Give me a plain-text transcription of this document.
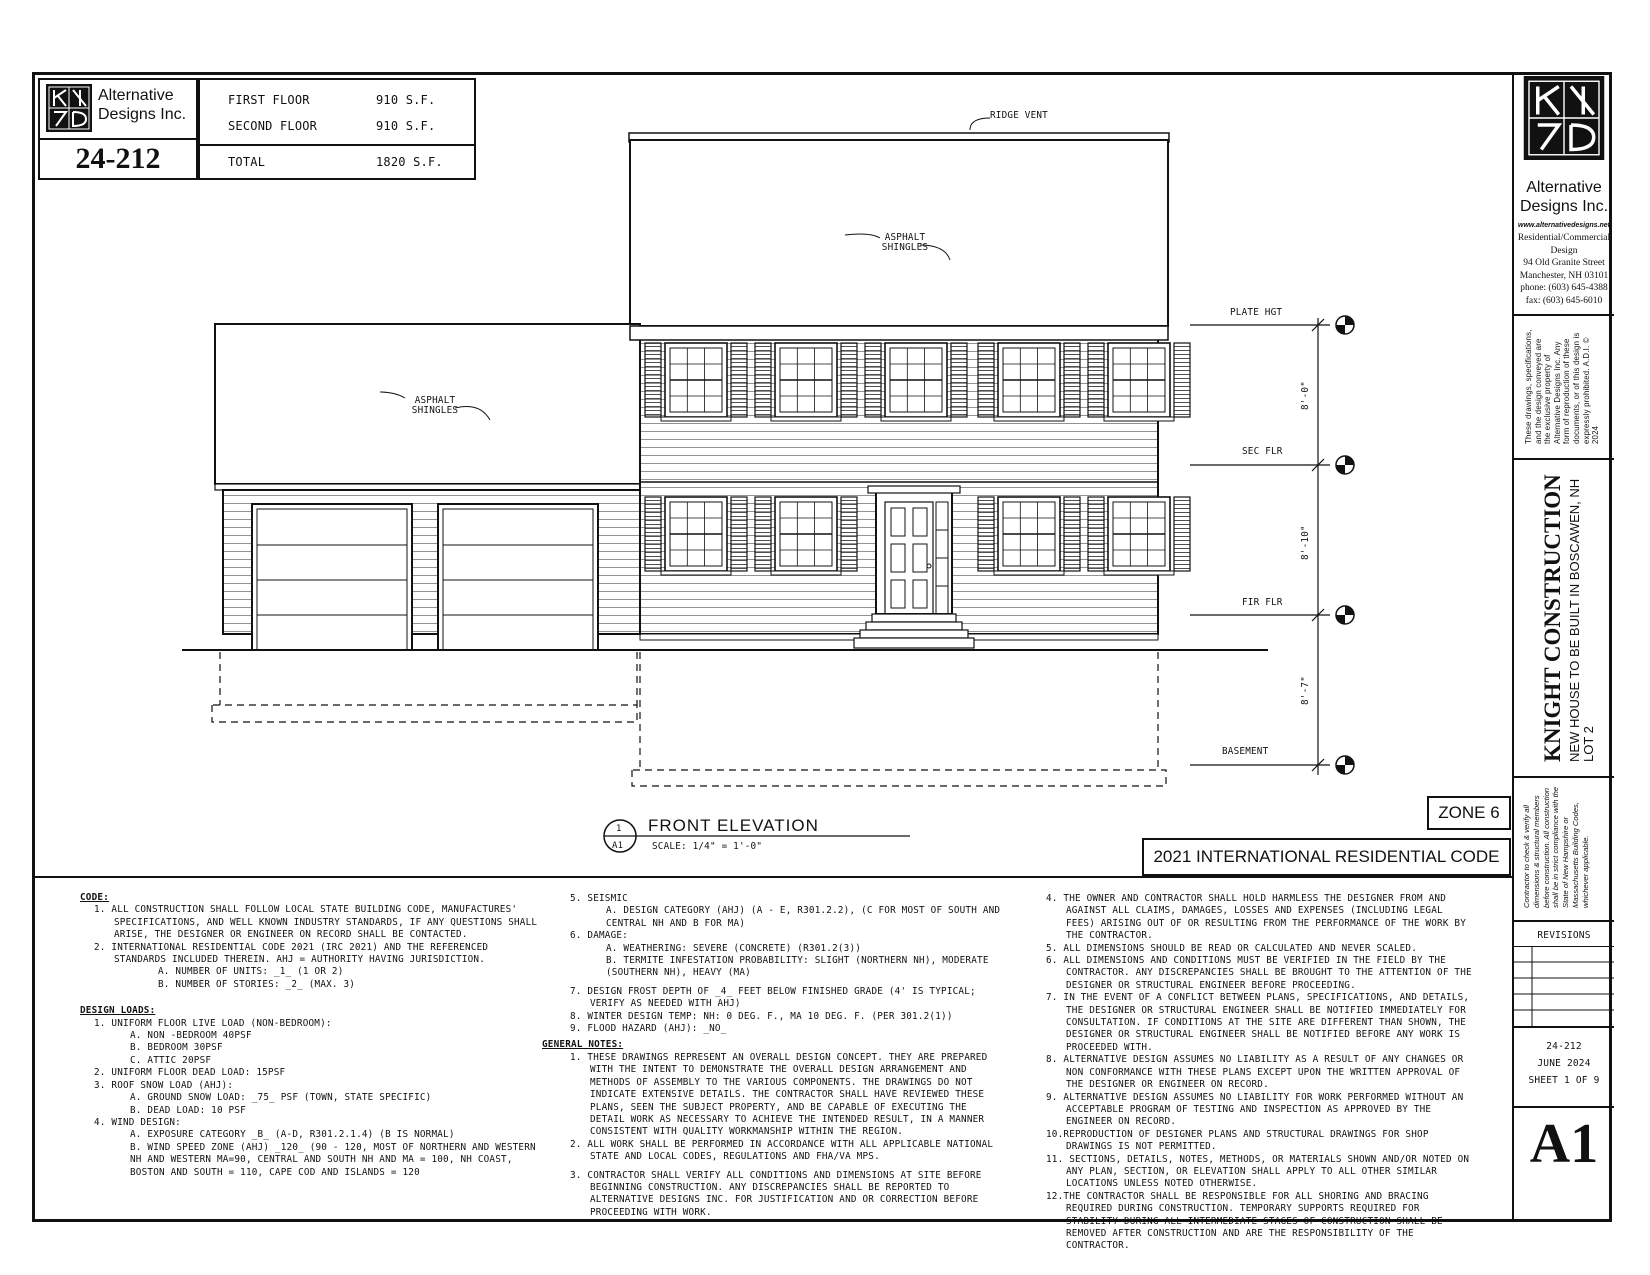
Alternative
Designs Inc.
24-212
FIRST FLOOR	910 S.F.
SECOND FLOOR	910 S.F.
TOTAL	1820 S.F.
RIDGE VENT
ASPHALT SHINGLES
ASPHALT SHINGLES
PLATE HGT
SEC FLR
FIR FLR
BASEMENT
8'-0"
8'-10"
8'-7"
1
A1
FRONT ELEVATION
SCALE: 1/4" = 1'-0"
ZONE 6
2021 INTERNATIONAL RESIDENTIAL CODE

CODE:

1. ALL CONSTRUCTION SHALL FOLLOW LOCAL STATE BUILDING CODE, MANUFACTURES' SPECIFICATIONS, AND WELL KNOWN INDUSTRY STANDARDS, IF ANY QUESTIONS SHALL ARISE, THE DESIGNER OR ENGINEER ON RECORD SHALL BE CONTACTED.

2. INTERNATIONAL RESIDENTIAL CODE 2021 (IRC 2021) AND THE REFERENCED STANDARDS INCLUDED THEREIN. AHJ = AUTHORITY HAVING JURISDICTION.

A. NUMBER OF UNITS: _1_ (1 OR 2)

B. NUMBER OF STORIES: _2_ (MAX. 3)

DESIGN LOADS:

1. UNIFORM FLOOR LIVE LOAD (NON-BEDROOM):

A. NON -BEDROOM 40PSF

B. BEDROOM 30PSF

C. ATTIC 20PSF

2. UNIFORM FLOOR DEAD LOAD: 15PSF

3. ROOF SNOW LOAD (AHJ):

A. GROUND SNOW LOAD: _75_ PSF (TOWN, STATE SPECIFIC)

B. DEAD LOAD: 10 PSF

4. WIND DESIGN:

A. EXPOSURE CATEGORY _B_ (A-D, R301.2.1.4) (B IS NORMAL)

B. WIND SPEED ZONE (AHJ) _120_ (90 - 120, MOST OF NORTHERN AND WESTERN NH AND WESTERN MA=90, CENTRAL AND SOUTH NH AND MA = 100, NH COAST, BOSTON AND SOUTH = 110, CAPE COD AND ISLANDS = 120

5. SEISMIC

A. DESIGN CATEGORY (AHJ) (A - E, R301.2.2), (C FOR MOST OF SOUTH AND CENTRAL NH AND B FOR MA)

6. DAMAGE:

A. WEATHERING: SEVERE (CONCRETE) (R301.2(3))

B. TERMITE INFESTATION PROBABILITY: SLIGHT (NORTHERN NH), MODERATE (SOUTHERN NH), HEAVY (MA)

7. DESIGN FROST DEPTH OF _4_ FEET BELOW FINISHED GRADE (4' IS TYPICAL; VERIFY AS NEEDED WITH AHJ)

8. WINTER DESIGN TEMP: NH: 0 DEG. F., MA 10 DEG. F. (PER 301.2(1))

9. FLOOD HAZARD (AHJ): _NO_

GENERAL NOTES:

1. THESE DRAWINGS REPRESENT AN OVERALL DESIGN CONCEPT. THEY ARE PREPARED WITH THE INTENT TO DEMONSTRATE THE OVERALL DESIGN ARRANGEMENT AND METHODS OF ASSEMBLY TO THE VARIOUS COMPONENTS. THE DRAWINGS DO NOT INDICATE EXTENSIVE DETAILS. THE CONTRACTOR SHALL HAVE REVIEWED THESE PLANS, SEEN THE SUBJECT PROPERTY, AND BE CAPABLE OF EXECUTING THE DETAIL WORK AS NECESSARY TO ACHIEVE THE INTENDED RESULT, IN A MANNER CONSISTENT WITH QUALITY WORKMANSHIP WITHIN THE REGION.

2. ALL WORK SHALL BE PERFORMED IN ACCORDANCE WITH ALL APPLICABLE NATIONAL STATE AND LOCAL CODES, REGULATIONS AND FHA/VA MPS.

3. CONTRACTOR SHALL VERIFY ALL CONDITIONS AND DIMENSIONS AT SITE BEFORE BEGINNING CONSTRUCTION. ANY DISCREPANCIES SHALL BE REPORTED TO ALTERNATIVE DESIGNS INC. FOR JUSTIFICATION AND OR CORRECTION BEFORE PROCEEDING WITH WORK.

4. THE OWNER AND CONTRACTOR SHALL HOLD HARMLESS THE DESIGNER FROM AND AGAINST ALL CLAIMS, DAMAGES, LOSSES AND EXPENSES (INCLUDING LEGAL FEES) ARISING OUT OF OR RESULTING FROM THE PERFORMANCE OF THE WORK BY THE CONTRACTOR.

5. ALL DIMENSIONS SHOULD BE READ OR CALCULATED AND NEVER SCALED.

6. ALL DIMENSIONS AND CONDITIONS MUST BE VERIFIED IN THE FIELD BY THE CONTRACTOR. ANY DISCREPANCIES SHALL BE BROUGHT TO THE ATTENTION OF THE DESIGNER OR STRUCTURAL ENGINEER BEFORE PROCEEDING.

7. IN THE EVENT OF A CONFLICT BETWEEN PLANS, SPECIFICATIONS, AND DETAILS, THE DESIGNER OR STRUCTURAL ENGINEER SHALL BE NOTIFIED IMMEDIATELY FOR CONSULTATION. IF CONDITIONS AT THE SITE ARE DIFFERENT THAN SHOWN, THE DESIGNER OR STRUCTURAL ENGINEER SHALL BE NOTIFIED BEFORE ANY WORK IS PROCEEDED WITH.

8. ALTERNATIVE DESIGN ASSUMES NO LIABILITY AS A RESULT OF ANY CHANGES OR NON CONFORMANCE WITH THESE PLANS EXCEPT UPON THE WRITTEN APPROVAL OF THE DESIGNER OR ENGINEER ON RECORD.

9. ALTERNATIVE DESIGN ASSUMES NO LIABILITY FOR WORK PERFORMED WITHOUT AN ACCEPTABLE PROGRAM OF TESTING AND INSPECTION AS APPROVED BY THE ENGINEER ON RECORD.

10.REPRODUCTION OF DESIGNER PLANS AND STRUCTURAL DRAWINGS FOR SHOP DRAWINGS IS NOT PERMITTED.

11. SECTIONS, DETAILS, NOTES, METHODS, OR MATERIALS SHOWN AND/OR NOTED ON ANY PLAN, SECTION, OR ELEVATION SHALL APPLY TO ALL OTHER SIMILAR LOCATIONS UNLESS NOTED OTHERWISE.

12.THE CONTRACTOR SHALL BE RESPONSIBLE FOR ALL SHORING AND BRACING REQUIRED DURING CONSTRUCTION. TEMPORARY SUPPORTS REQUIRED FOR STABILITY DURING ALL INTERMEDIATE STAGES OF CONSTRUCTION SHALL BE REMOVED AFTER CONSTRUCTION AND ARE THE RESPONSIBILITY OF THE CONTRACTOR.

Alternative
Designs Inc.
www.alternativedesigns.net
Residential/Commercial
Design
94 Old Granite Street
Manchester, NH 03101
phone: (603) 645-4388
fax: (603) 645-6010
These drawings, specifications, and the design conveyed are the exclusive property of Alternative Designs Inc. Any form of reproduction of these documents, or of this design is expressly prohibited. A.D.I. © 2024
KNIGHT CONSTRUCTION NEW HOUSE TO BE BUILT IN BOSCAWEN, NH LOT 2
Contractor to check & verify all dimensions & structural members before construction. All construction shall be in strict compliance with the State of New Hampshire or Massachusetts Building Codes, whichever applicable.
REVISIONS
24-212
JUNE 2024
SHEET 1 OF 9
A1
